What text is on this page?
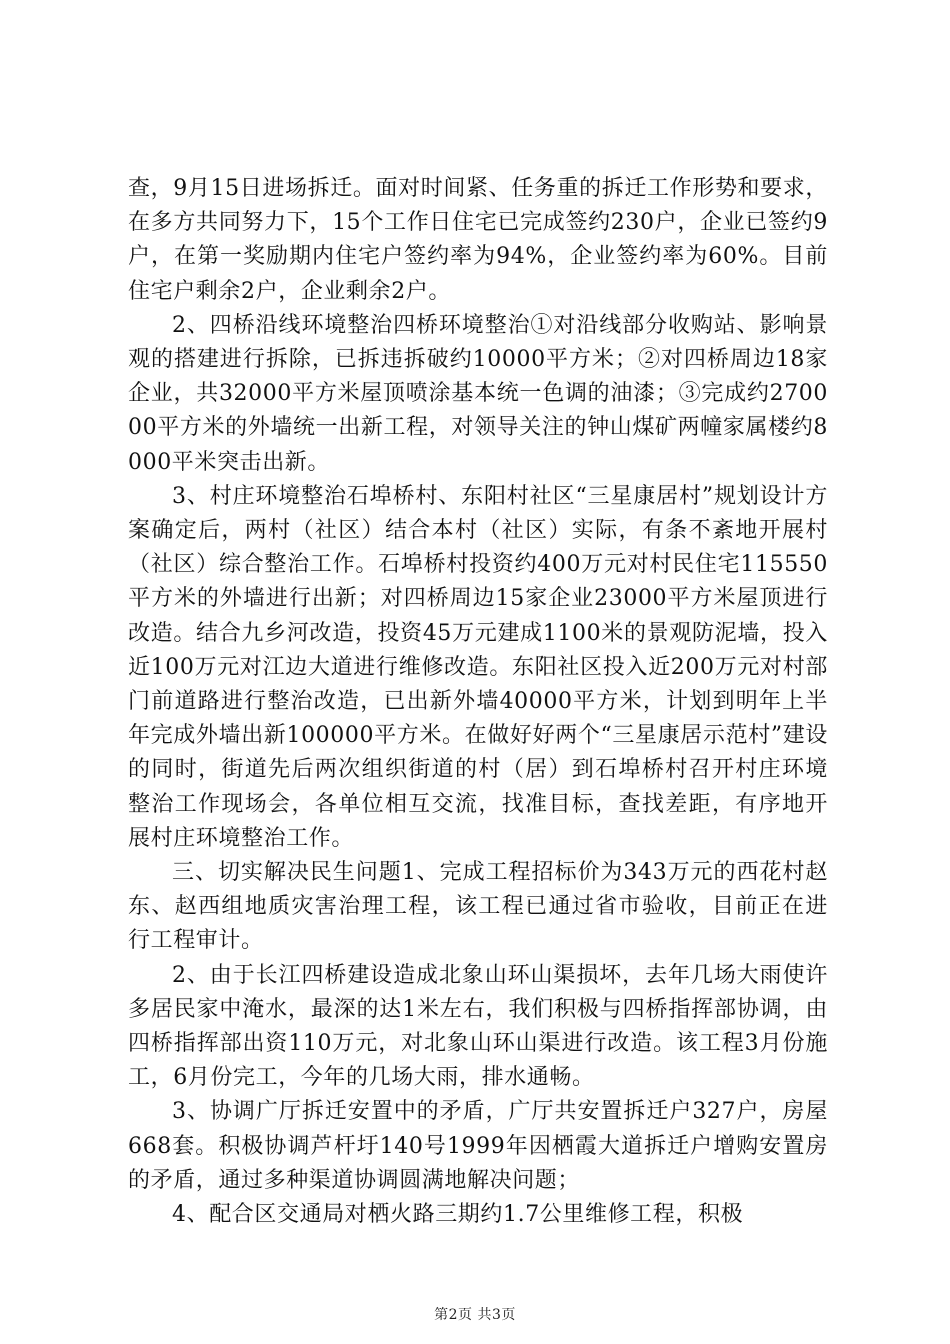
查，9月15日进场拆迁。面对时间紧、任务重的拆迁工作形势和要求，在多方共同努力下，15个工作日住宅已完成签约230户，企业已签约9户，在第一奖励期内住宅户签约率为94%，企业签约率为60%。目前住宅户剩余2户，企业剩余2户。

2、四桥沿线环境整治四桥环境整治①对沿线部分收购站、影响景观的搭建进行拆除，已拆违拆破约10000平方米；②对四桥周边18家企业，共32000平方米屋顶喷涂基本统一色调的油漆；③完成约270000平方米的外墙统一出新工程，对领导关注的钟山煤矿两幢家属楼约8000平米突击出新。

3、村庄环境整治石埠桥村、东阳村社区“三星康居村”规划设计方案确定后，两村（社区）结合本村（社区）实际，有条不紊地开展村（社区）综合整治工作。石埠桥村投资约400万元对村民住宅115550平方米的外墙进行出新；对四桥周边15家企业23000平方米屋顶进行改造。结合九乡河改造，投资45万元建成1100米的景观防泥墙，投入近100万元对江边大道进行维修改造。东阳社区投入近200万元对村部门前道路进行整治改造，已出新外墙40000平方米，计划到明年上半年完成外墙出新100000平方米。在做好好两个“三星康居示范村”建设的同时，街道先后两次组织街道的村（居）到石埠桥村召开村庄环境整治工作现场会，各单位相互交流，找准目标，查找差距，有序地开展村庄环境整治工作。

三、切实解决民生问题1、完成工程招标价为343万元的西花村赵东、赵西组地质灾害治理工程，该工程已通过省市验收，目前正在进行工程审计。

2、由于长江四桥建设造成北象山环山渠损坏，去年几场大雨使许多居民家中淹水，最深的达1米左右，我们积极与四桥指挥部协调，由四桥指挥部出资110万元，对北象山环山渠进行改造。该工程3月份施工，6月份完工，今年的几场大雨，排水通畅。

3、协调广厅拆迁安置中的矛盾，广厅共安置拆迁户327户，房屋668套。积极协调芦杆圩140号1999年因栖霞大道拆迁户增购安置房的矛盾，通过多种渠道协调圆满地解决问题；

4、配合区交通局对栖火路三期约1.7公里维修工程，积极

第2页 共3页
